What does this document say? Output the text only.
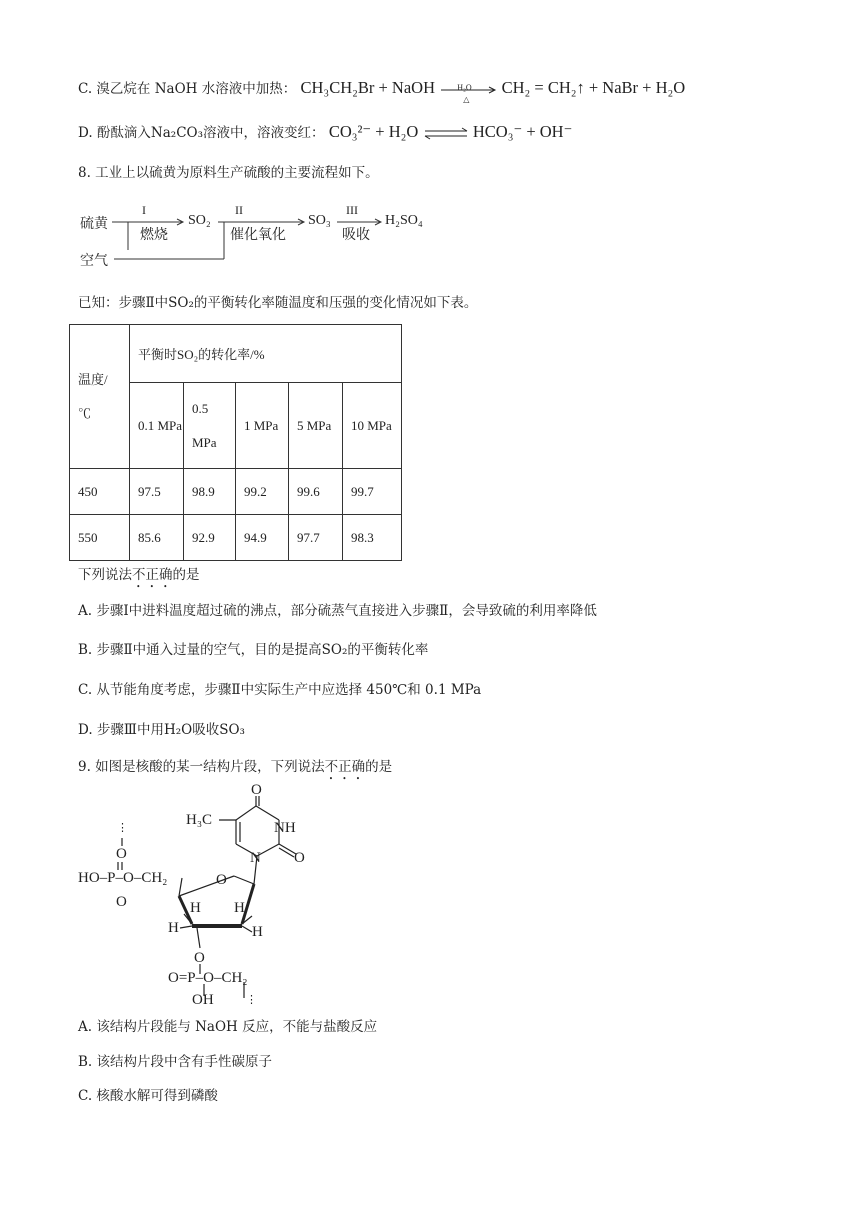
C. 溴乙烷在 NaOH 水溶液中加热： CH₃CH₂Br + NaOH	H₂O
△
CH₂ = CH₂↑ + NaBr + H₂O
D. 酚酞滴入Na₂CO₃溶液中，溶液变红： CO₃²⁻ + H₂O ⇌ HCO₃⁻ + OH⁻
8. 工业上以硫黄为原料生产硫酸的主要流程如下。
硫黄
空气
I
燃烧
SO₂
II
催化氧化
SO₃
III
吸收
H₂SO₄
已知：步骤Ⅱ中SO₂的平衡转化率随温度和压强的变化情况如下表。
温度/℃	平衡时SO₂的转化率/%				
	0.1 MPa	0.5 MPa	1 MPa	5 MPa	10 MPa
450	97.5	98.9	99.2	99.6	99.7
550	85.6	92.9	94.9	97.7	98.3
下列说法不正确的是
A. 步骤Ⅰ中进料温度超过硫的沸点，部分硫蒸气直接进入步骤Ⅱ，会导致硫的利用率降低
B. 步骤Ⅱ中通入过量的空气，目的是提高SO₂的平衡转化率
C. 从节能角度考虑，步骤Ⅱ中实际生产中应选择 450℃和 0.1 MPa
D. 步骤Ⅲ中用H₂O吸收SO₃
9. 如图是核酸的某一结构片段，下列说法不正确的是
H₃C
O
NH
N O
⋮
O
HO–P–O–CH₂
O
O
H H
H	H
O
O=P–O–CH₂
OH	⋮
A. 该结构片段能与 NaOH 反应，不能与盐酸反应
B. 该结构片段中含有手性碳原子
C. 核酸水解可得到磷酸
